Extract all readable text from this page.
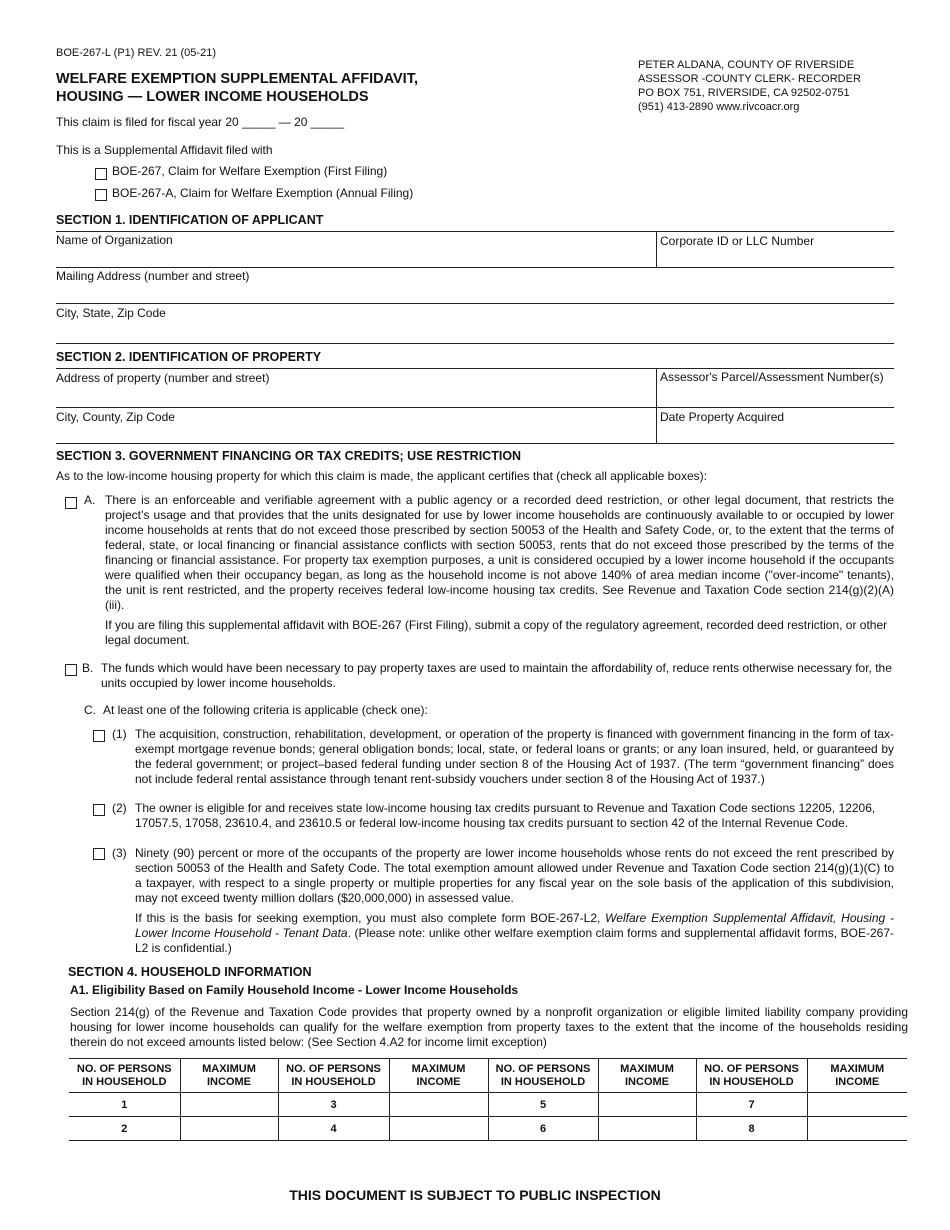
BOE-267-L (P1) REV. 21 (05-21)
WELFARE EXEMPTION SUPPLEMENTAL AFFIDAVIT,
HOUSING — LOWER INCOME HOUSEHOLDS
This claim is filed for fiscal year 20 _____ — 20 _____
PETER ALDANA, COUNTY OF RIVERSIDE
ASSESSOR -COUNTY CLERK- RECORDER
PO BOX 751, RIVERSIDE, CA 92502-0751
(951) 413-2890 www.rivcoacr.org
This is a Supplemental Affidavit filed with
BOE-267, Claim for Welfare Exemption (First Filing)
BOE-267-A, Claim for Welfare Exemption (Annual Filing)
SECTION 1. IDENTIFICATION OF APPLICANT
Name of Organization	Corporate ID or LLC Number
Mailing Address (number and street)
City, State, Zip Code
SECTION 2. IDENTIFICATION OF PROPERTY
Address of property (number and street)	Assessor's Parcel/Assessment Number(s)
City, County, Zip Code	Date Property Acquired
SECTION 3. GOVERNMENT FINANCING OR TAX CREDITS; USE RESTRICTION
As to the low-income housing property for which this claim is made, the applicant certifies that (check all applicable boxes):
A. There is an enforceable and verifiable agreement with a public agency or a recorded deed restriction, or other legal document, that restricts the project’s usage and that provides that the units designated for use by lower income households are continuously available to or occupied by lower income households at rents that do not exceed those prescribed by section 50053 of the Health and Safety Code, or, to the extent that the terms of federal, state, or local financing or financial assistance conflicts with section 50053, rents that do not exceed those prescribed by the terms of the financing or financial assistance. For property tax exemption purposes, a unit is considered occupied by a lower income household if the occupants were qualified when their occupancy began, as long as the household income is not above 140% of area median income ("over-income" tenants), the unit is rent restricted, and the property receives federal low-income housing tax credits. See Revenue and Taxation Code section 214(g)(2)(A)(iii).
If you are filing this supplemental affidavit with BOE-267 (First Filing), submit a copy of the regulatory agreement, recorded deed restriction, or other legal document.
B. The funds which would have been necessary to pay property taxes are used to maintain the affordability of, reduce rents otherwise necessary for, the units occupied by lower income households.
C. At least one of the following criteria is applicable (check one):
(1) The acquisition, construction, rehabilitation, development, or operation of the property is financed with government financing in the form of tax-exempt mortgage revenue bonds; general obligation bonds; local, state, or federal loans or grants; or any loan insured, held, or guaranteed by the federal government; or project–based federal funding under section 8 of the Housing Act of 1937. (The term “government financing” does not include federal rental assistance through tenant rent-subsidy vouchers under section 8 of the Housing Act of 1937.)
(2) The owner is eligible for and receives state low-income housing tax credits pursuant to Revenue and Taxation Code sections 12205, 12206, 17057.5, 17058, 23610.4, and 23610.5 or federal low-income housing tax credits pursuant to section 42 of the Internal Revenue Code.
(3) Ninety (90) percent or more of the occupants of the property are lower income households whose rents do not exceed the rent prescribed by section 50053 of the Health and Safety Code. The total exemption amount allowed under Revenue and Taxation Code section 214(g)(1)(C) to a taxpayer, with respect to a single property or multiple properties for any fiscal year on the sole basis of the application of this subdivision, may not exceed twenty million dollars ($20,000,000) in assessed value.
If this is the basis for seeking exemption, you must also complete form BOE-267-L2, Welfare Exemption Supplemental Affidavit, Housing - Lower Income Household - Tenant Data. (Please note: unlike other welfare exemption claim forms and supplemental affidavit forms, BOE-267-L2 is confidential.)
SECTION 4. HOUSEHOLD INFORMATION
A1. Eligibility Based on Family Household Income - Lower Income Households
Section 214(g) of the Revenue and Taxation Code provides that property owned by a nonprofit organization or eligible limited liability company providing housing for lower income households can qualify for the welfare exemption from property taxes to the extent that the income of the households residing therein do not exceed amounts listed below: (See Section 4.A2 for income limit exception)
NO. OF PERSONS IN HOUSEHOLD	MAXIMUM INCOME	NO. OF PERSONS IN HOUSEHOLD	MAXIMUM INCOME	NO. OF PERSONS IN HOUSEHOLD	MAXIMUM INCOME	NO. OF PERSONS IN HOUSEHOLD	MAXIMUM INCOME
1		3		5		7	
2		4		6		8	
THIS DOCUMENT IS SUBJECT TO PUBLIC INSPECTION
